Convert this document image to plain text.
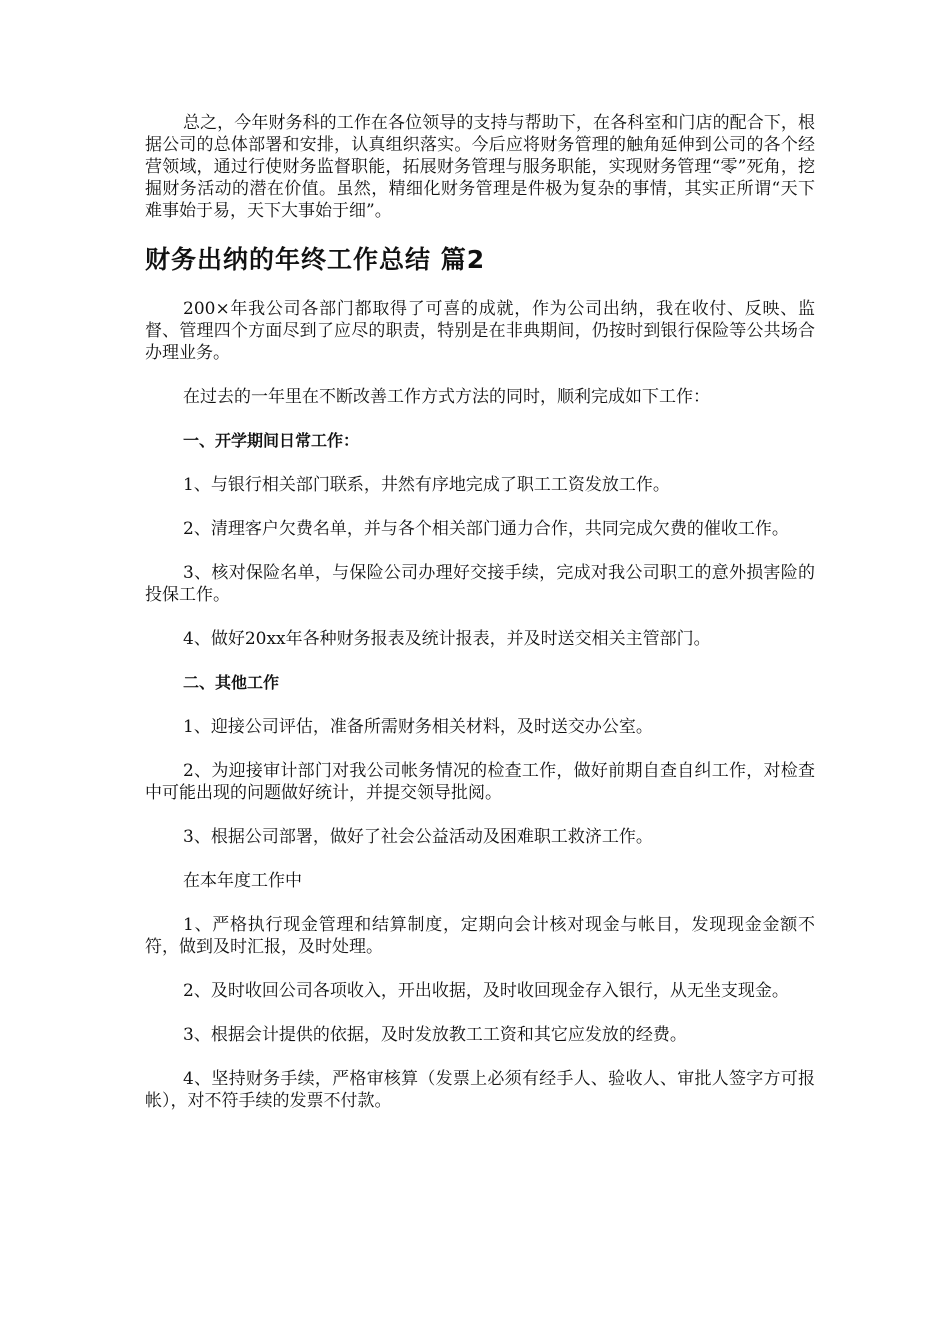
总之，今年财务科的工作在各位领导的支持与帮助下，在各科室和门店的配合下，根据公司的总体部署和安排，认真组织落实。今后应将财务管理的触角延伸到公司的各个经营领域，通过行使财务监督职能，拓展财务管理与服务职能，实现财务管理“零”死角，挖掘财务活动的潜在价值。虽然，精细化财务管理是件极为复杂的事情，其实正所谓“天下难事始于易，天下大事始于细”。

财务出纳的年终工作总结 篇2

200×年我公司各部门都取得了可喜的成就，作为公司出纳，我在收付、反映、监督、管理四个方面尽到了应尽的职责，特别是在非典期间，仍按时到银行保险等公共场合办理业务。

在过去的一年里在不断改善工作方式方法的同时，顺利完成如下工作：

一、开学期间日常工作：

1、与银行相关部门联系，井然有序地完成了职工工资发放工作。

2、清理客户欠费名单，并与各个相关部门通力合作，共同完成欠费的催收工作。

3、核对保险名单，与保险公司办理好交接手续，完成对我公司职工的意外损害险的投保工作。

4、做好20xx年各种财务报表及统计报表，并及时送交相关主管部门。

二、其他工作

1、迎接公司评估，准备所需财务相关材料，及时送交办公室。

2、为迎接审计部门对我公司帐务情况的检查工作，做好前期自查自纠工作，对检查中可能出现的问题做好统计，并提交领导批阅。

3、根据公司部署，做好了社会公益活动及困难职工救济工作。

在本年度工作中

1、严格执行现金管理和结算制度，定期向会计核对现金与帐目，发现现金金额不符，做到及时汇报，及时处理。

2、及时收回公司各项收入，开出收据，及时收回现金存入银行，从无坐支现金。

3、根据会计提供的依据，及时发放教工工资和其它应发放的经费。

4、坚持财务手续，严格审核算（发票上必须有经手人、验收人、审批人签字方可报帐），对不符手续的发票不付款。
